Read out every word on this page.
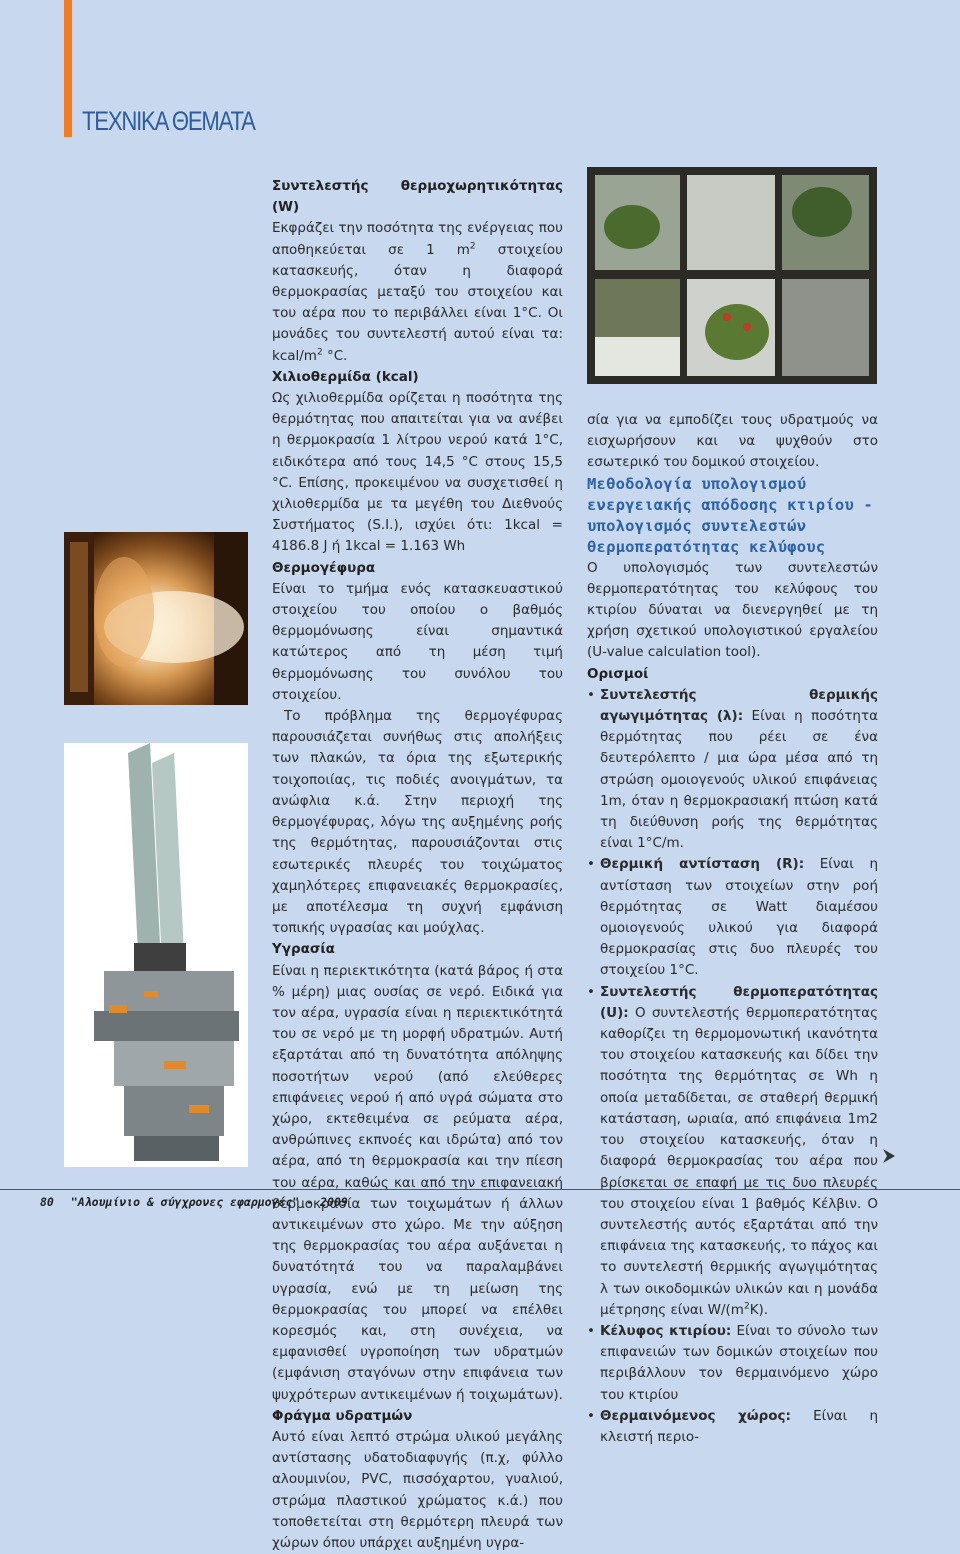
ΤΕΧΝΙΚΑ ΘΕΜΑΤΑ

Συντελεστής θερμοχωρητικότητας (W)

Εκφράζει την ποσότητα της ενέργειας που αποθηκεύεται σε 1 $m^2$ στοιχείου κατασκευής, όταν η διαφορά θερμοκρασίας μεταξύ του στοιχείου και του αέρα που το περιβάλλει είναι 1°C. Οι μονάδες του συντελεστή αυτού είναι τα: kcal/$m^2$ °C.

Χιλιοθερμίδα (kcal)

Ως χιλιοθερμίδα ορίζεται η ποσότητα της θερμότητας που απαιτείται για να ανέβει η θερμοκρασία 1 λίτρου νερού κατά 1°C, ειδικότερα από τους 14,5 °C στους 15,5 °C. Επίσης, προκειμένου να συσχετισθεί η χιλιοθερμίδα με τα μεγέθη του Διεθνούς Συστήματος (S.I.), ισχύει ότι: 1kcal = 4186.8 J ή 1kcal = 1.163 Wh

Θερμογέφυρα

Είναι το τμήμα ενός κατασκευαστικού στοιχείου του οποίου ο βαθμός θερμομόνωσης είναι σημαντικά κατώτερος από τη μέση τιμή θερμομόνωσης του συνόλου του στοιχείου.

Το πρόβλημα της θερμογέφυρας παρουσιάζεται συνήθως στις απολήξεις των πλακών, τα όρια της εξωτερικής τοιχοποιίας, τις ποδιές ανοιγμάτων, τα ανώφλια κ.ά. Στην περιοχή της θερμογέφυρας, λόγω της αυξημένης ροής της θερμότητας, παρουσιάζονται στις εσωτερικές πλευρές του τοιχώματος χαμηλότερες επιφανειακές θερμοκρασίες, με αποτέλεσμα τη συχνή εμφάνιση τοπικής υγρασίας και μούχλας.

Υγρασία

Είναι η περιεκτικότητα (κατά βάρος ή στα % μέρη) μιας ουσίας σε νερό. Ειδικά για τον αέρα, υγρασία είναι η περιεκτικότητά του σε νερό με τη μορφή υδρατμών. Αυτή εξαρτάται από τη δυνατότητα απόληψης ποσοτήτων νερού (από ελεύθερες επιφάνειες νερού ή από υγρά σώματα στο χώρο, εκτεθειμένα σε ρεύματα αέρα, ανθρώπινες εκπνοές και ιδρώτα) από τον αέρα, από τη θερμοκρασία και την πίεση του αέρα, καθώς και από την επιφανειακή θερμοκρασία των τοιχωμάτων ή άλλων αντικειμένων στο χώρο. Με την αύξηση της θερμοκρασίας του αέρα αυξάνεται η δυνατότητά του να παραλαμβάνει υγρασία, ενώ με τη μείωση της θερμοκρασίας του μπορεί να επέλθει κορεσμός και, στη συνέχεια, να εμφανισθεί υγροποίηση των υδρατμών (εμφάνιση σταγόνων στην επιφάνεια των ψυχρότερων αντικειμένων ή τοιχωμάτων).

Φράγμα υδρατμών

Αυτό είναι λεπτό στρώμα υλικού μεγάλης αντίστασης υδατοδιαφυγής (π.χ, φύλλο αλουμινίου, PVC, πισσόχαρτου, γυαλιού, στρώμα πλαστικού χρώματος κ.ά.) που τοποθετείται στη θερμότερη πλευρά των χώρων όπου υπάρχει αυξημένη υγρα-

σία για να εμποδίζει τους υδρατμούς να εισχωρήσουν και να ψυχθούν στο εσωτερικό του δομικού στοιχείου.

Μεθοδολογία υπολογισμού ενεργειακής απόδοσης κτιρίου - υπολογισμός συντελεστών θερμοπερατότητας κελύφους

Ο υπολογισμός των συντελεστών θερμοπερατότητας του κελύφους του κτιρίου δύναται να διενεργηθεί με τη χρήση σχετικού υπολογιστικού εργαλείου (U-value calculation tool).

Ορισμοί

• Συντελεστής θερμικής αγωγιμότητας (λ): Είναι η ποσότητα θερμότητας που ρέει σε ένα δευτερόλεπτο / μια ώρα μέσα από τη στρώση ομοιογενούς υλικού επιφάνειας 1m, όταν η θερμοκρασιακή πτώση κατά τη διεύθυνση ροής της θερμότητας είναι 1°C/m.

• Θερμική αντίσταση (R): Είναι η αντίσταση των στοιχείων στην ροή θερμότητας σε Watt διαμέσου ομοιογενούς υλικού για διαφορά θερμοκρασίας στις δυο πλευρές του στοιχείου 1°C.

• Συντελεστής θερμοπερατότητας (U): Ο συντελεστής θερμοπερατότητας καθορίζει τη θερμομονωτική ικανότητα του στοιχείου κατασκευής και δίδει την ποσότητα της θερμότητας σε Wh η οποία μεταδίδεται, σε σταθερή θερμική κατάσταση, ωριαία, από επιφάνεια 1m2 του στοιχείου κατασκευής, όταν η διαφορά θερμοκρασίας του αέρα που βρίσκεται σε επαφή με τις δυο πλευρές του στοιχείου είναι 1 βαθμός Κέλβιν. Ο συντελεστής αυτός εξαρτάται από την επιφάνεια της κατασκευής, το πάχος και το συντελεστή θερμικής αγωγιμότητας λ των οικοδομικών υλικών και η μονάδα μέτρησης είναι $W/(m^2K)$.

• Κέλυφος κτιρίου: Είναι το σύνολο των επιφανειών των δομικών στοιχείων που περιβάλλουν τον θερμαινόμενο χώρο του κτιρίου

• Θερμαινόμενος χώρος: Είναι η κλειστή περιο-

80 "Αλουμίνιο & σύγχρονες εφαρμογές" - 2009
